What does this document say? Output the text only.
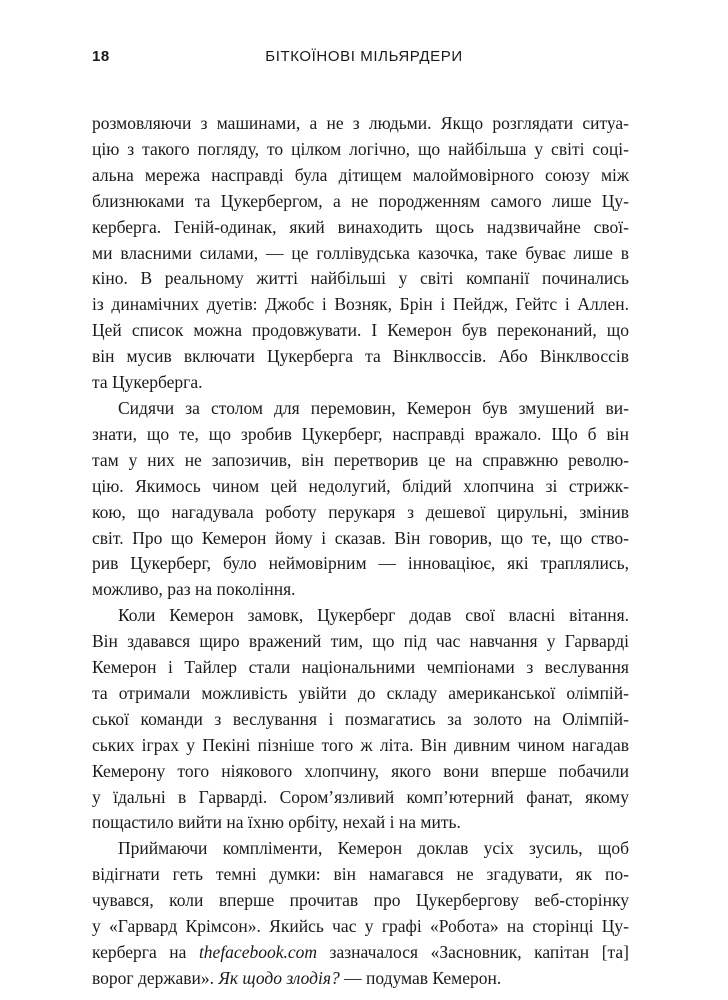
18	БІТКОЇНОВІ МІЛЬЯРДЕРИ

розмовляючи з машинами, а не з людьми. Якщо розглядати ситуа-
цію з такого погляду, то цілком логічно, що найбільша у світі соці-
альна мережа насправді була дітищем малоймовірного союзу між
близнюками та Цукербергом, а не породженням самого лише Цу-
керберга. Геній-одинак, який винаходить щось надзвичайне свої-
ми власними силами, — це голлівудська казочка, таке буває лише в
кіно. В реальному житті найбільші у світі компанії починались
із динамічних дуетів: Джобс і Возняк, Брін і Пейдж, Гейтс і Аллен.
Цей список можна продовжувати. І Кемерон був переконаний, що
він мусив включати Цукерберга та Вінклвоссів. Або Вінклвоссів
та Цукерберга.

Сидячи за столом для перемовин, Кемерон був змушений ви-
знати, що те, що зробив Цукерберг, насправді вражало. Що б він
там у них не запозичив, він перетворив це на справжню револю-
цію. Якимось чином цей недолугий, блідий хлопчина зі стрижк-
кою, що нагадувала роботу перукаря з дешевої цирульні, змінив
світ. Про що Кемерон йому і сказав. Він говорив, що те, що ство-
рив Цукерберг, було неймовірним — інноваціює, які траплялись,
можливо, раз на покоління.

Коли Кемерон замовк, Цукерберг додав свої власні вітання.
Він здавався щиро вражений тим, що під час навчання у Гарварді
Кемерон і Тайлер стали національними чемпіонами з веслування
та отримали можливість увійти до складу американської олімпій-
ської команди з веслування і позмагатись за золото на Олімпій-
ських іграх у Пекіні пізніше того ж літа. Він дивним чином нагадав
Кемерону того ніякового хлопчину, якого вони вперше побачили
у їдальні в Гарварді. Сором’язливий комп’ютерний фанат, якому
пощастило вийти на їхню орбіту, нехай і на мить.

Приймаючи компліменти, Кемерон доклав усіх зусиль, щоб
відігнати геть темні думки: він намагався не згадувати, як по-
чувався, коли вперше прочитав про Цукербергову веб-сторінку
у «Гарвард Крімсон». Якийсь час у графі «Робота» на сторінці Цу-
керберга на thefacebook.com зазначалося «Засновник, капітан [та]
ворог держави». Як щодо злодія? — подумав Кемерон.
